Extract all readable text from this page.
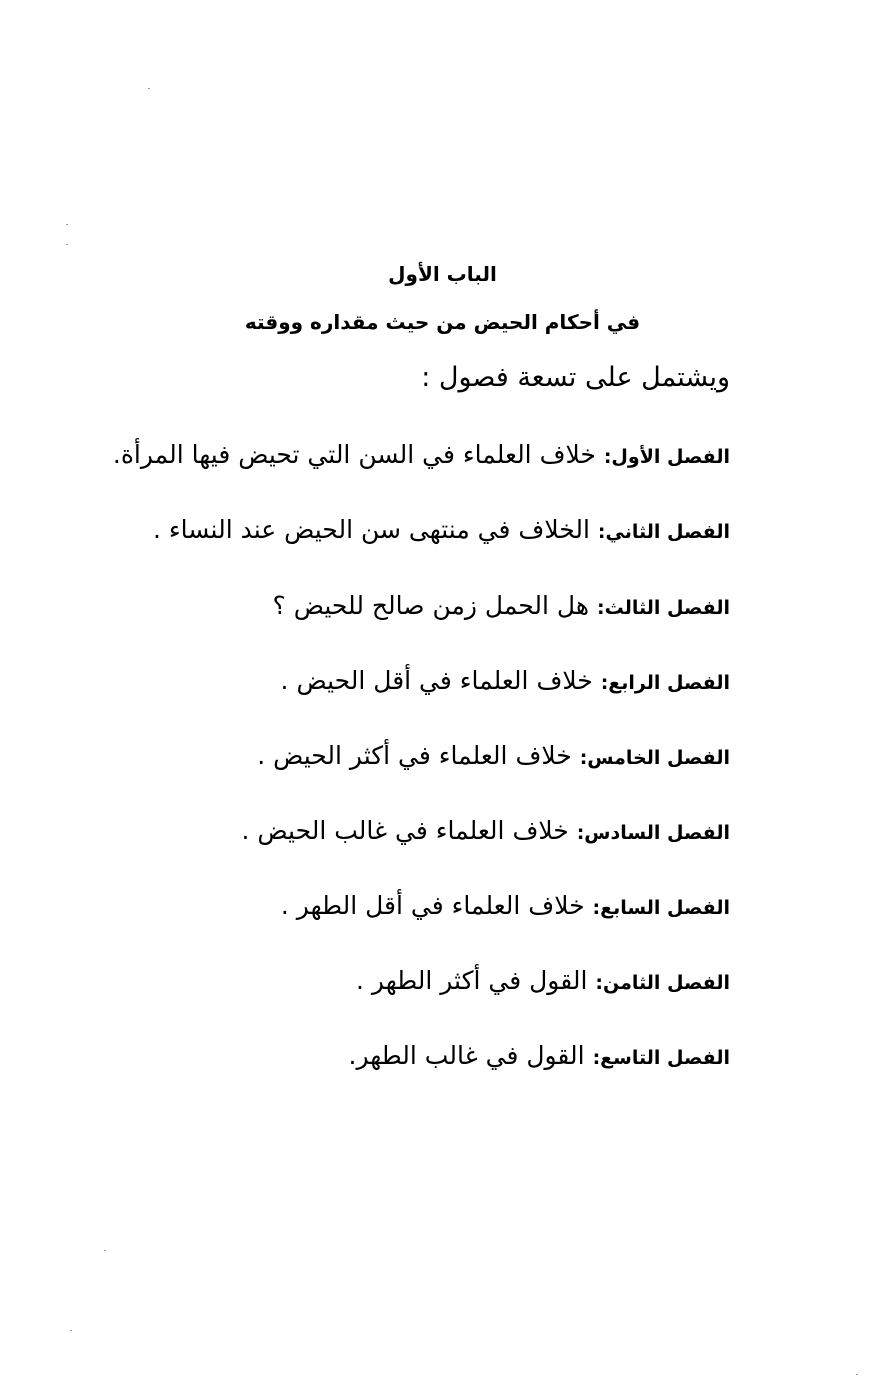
الباب الأول
في أحكام الحيض من حيث مقداره ووقته
ويشتمل على تسعة فصول :
الفصل الأول: خلاف العلماء في السن التي تحيض فيها المرأة.
الفصل الثاني: الخلاف في منتهى سن الحيض عند النساء .
الفصل الثالث: هل الحمل زمن صالح للحيض ؟
الفصل الرابع: خلاف العلماء في أقل الحيض .
الفصل الخامس: خلاف العلماء في أكثر الحيض .
الفصل السادس: خلاف العلماء في غالب الحيض .
الفصل السابع: خلاف العلماء في أقل الطهر .
الفصل الثامن: القول في أكثر الطهر .
الفصل التاسع: القول في غالب الطهر.
